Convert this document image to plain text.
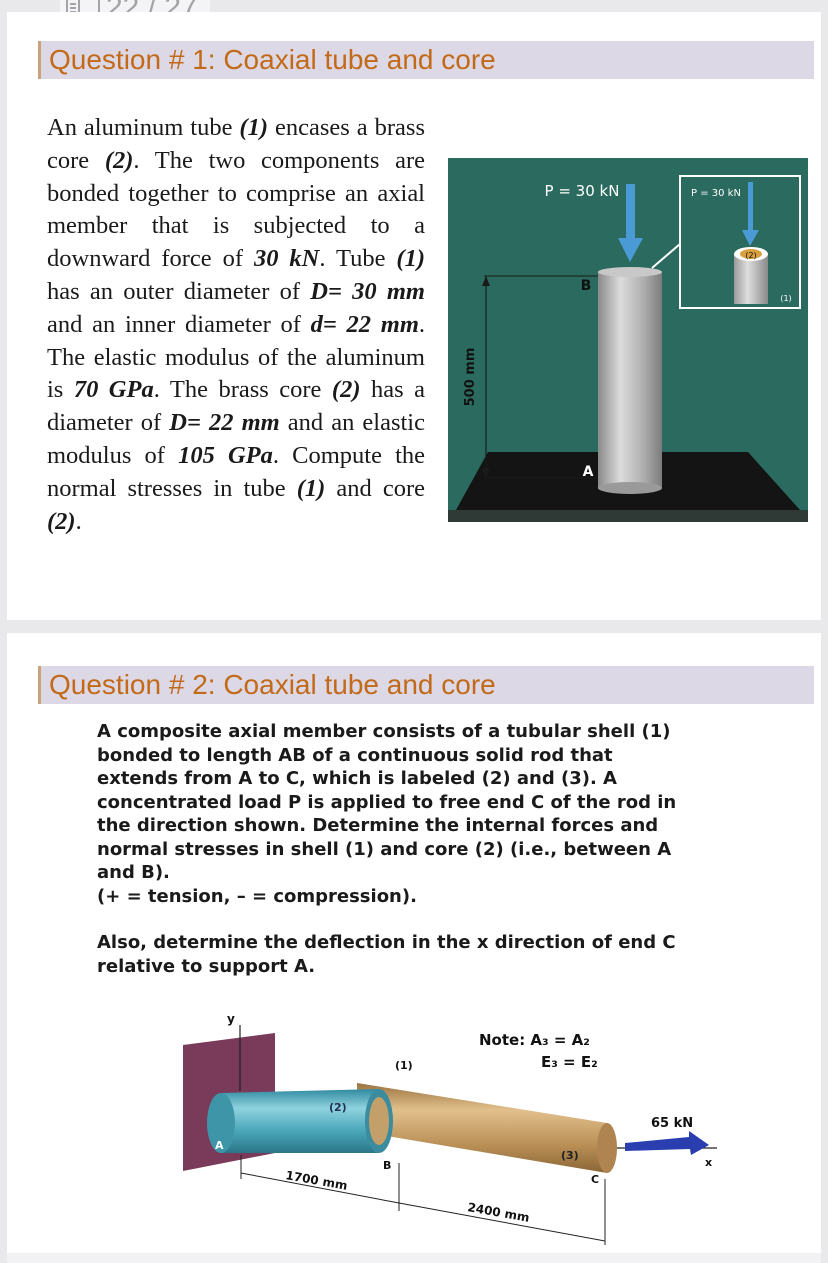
Question # 1: Coaxial tube and core
An aluminum tube (1) encases a brass core (2). The two components are bonded together to comprise an axial member that is subjected to a downward force of 30 kN. Tube (1) has an outer diameter of D= 30 mm and an inner diameter of d= 22 mm. The elastic modulus of the aluminum is 70 GPa. The brass core (2) has a diameter of D= 22 mm and an elastic modulus of 105 GPa. Compute the normal stresses in tube (1) and core (2).
500 mm
P = 30 kN
B
A
P = 30 kN
(2)
(1)
Question # 2: Coaxial tube and core

A composite axial member consists of a tubular shell (1) bonded to length AB of a continuous solid rod that extends from A to C, which is labeled (2) and (3). A concentrated load P is applied to free end C of the rod in the direction shown. Determine the internal forces and normal stresses in shell (1) and core (2) (i.e., between A and B).

(+ = tension, – = compression).

Also, determine the deflection in the x direction of end C relative to support A.

y
x
65 kN
A
(1)
(2)
(3)
Note: A₃ = A₂
E₃ = E₂
B
C
1700 mm
2400 mm
